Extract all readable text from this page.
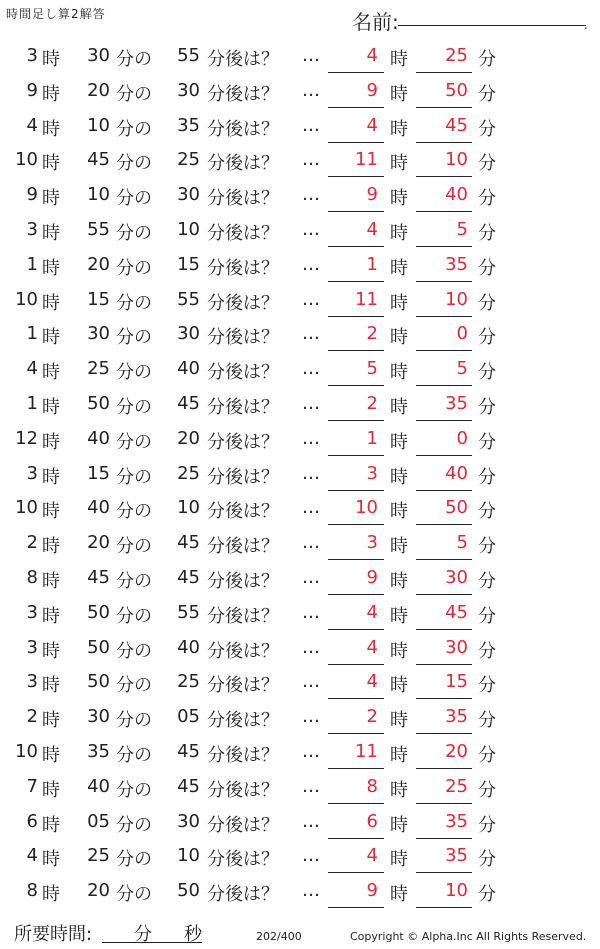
時間足し算2解答	名前:	.
3 時	30 分の	55 分後は？ …	4 時	25 分
9 時	20 分の	30 分後は？ …	9 時	50 分
4 時	10 分の	35 分後は？ …	4 時	45 分
10 時	45 分の	25 分後は？ …	11 時	10 分
9 時	10 分の	30 分後は？ …	9 時	40 分
3 時	55 分の	10 分後は？ …	4 時	5 分
1 時	20 分の	15 分後は？ …	1 時	35 分
10 時	15 分の	55 分後は？ …	11 時	10 分
1 時	30 分の	30 分後は？ …	2 時	0 分
4 時	25 分の	40 分後は？ …	5 時	5 分
1 時	50 分の	45 分後は？ …	2 時	35 分
12 時	40 分の	20 分後は？ …	1 時	0 分
3 時	15 分の	25 分後は？ …	3 時	40 分
10 時	40 分の	10 分後は？ …	10 時	50 分
2 時	20 分の	45 分後は？ …	3 時	5 分
8 時	45 分の	45 分後は？ …	9 時	30 分
3 時	50 分の	55 分後は？ …	4 時	45 分
3 時	50 分の	40 分後は？ …	4 時	30 分
3 時	50 分の	25 分後は？ …	4 時	15 分
2 時	30 分の	05 分後は？ …	2 時	35 分
10 時	35 分の	45 分後は？ …	11 時	20 分
7 時	40 分の	45 分後は？ …	8 時	25 分
6 時	05 分の	30 分後は？ …	6 時	35 分
4 時	25 分の	10 分後は？ …	4 時	35 分
8 時	20 分の	50 分後は？ …	9 時	10 分
所要時間: 分 秒	202/400	Copyright © Alpha.Inc All Rights Reserved.
